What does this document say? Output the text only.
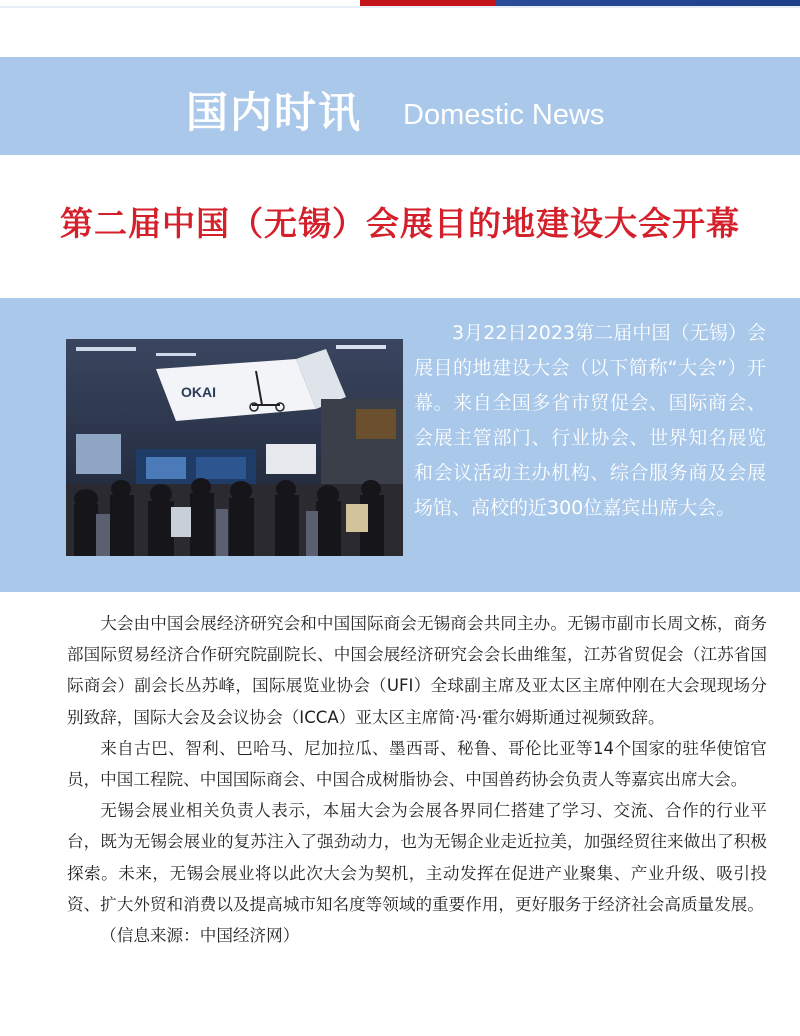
国内时讯 Domestic News
第二届中国（无锡）会展目的地建设大会开幕
OKAI
3月22日2023第二届中国（无锡）会展目的地建设大会（以下简称“大会”）开幕。来自全国多省市贸促会、国际商会、会展主管部门、行业协会、世界知名展览和会议活动主办机构、综合服务商及会展场馆、高校的近300位嘉宾出席大会。

大会由中国会展经济研究会和中国国际商会无锡商会共同主办。无锡市副市长周文栋，商务部国际贸易经济合作研究院副院长、中国会展经济研究会会长曲维玺，江苏省贸促会（江苏省国际商会）副会长丛苏峰，国际展览业协会（UFI）全球副主席及亚太区主席仲刚在大会现现场分别致辞，国际大会及会议协会（ICCA）亚太区主席简·冯·霍尔姆斯通过视频致辞。

来自古巴、智利、巴哈马、尼加拉瓜、墨西哥、秘鲁、哥伦比亚等14个国家的驻华使馆官员，中国工程院、中国国际商会、中国合成树脂协会、中国兽药协会负责人等嘉宾出席大会。

无锡会展业相关负责人表示，本届大会为会展各界同仁搭建了学习、交流、合作的行业平台，既为无锡会展业的复苏注入了强劲动力，也为无锡企业走近拉美，加强经贸往来做出了积极探索。未来，无锡会展业将以此次大会为契机，主动发挥在促进产业聚集、产业升级、吸引投资、扩大外贸和消费以及提高城市知名度等领域的重要作用，更好服务于经济社会高质量发展。

（信息来源：中国经济网）
